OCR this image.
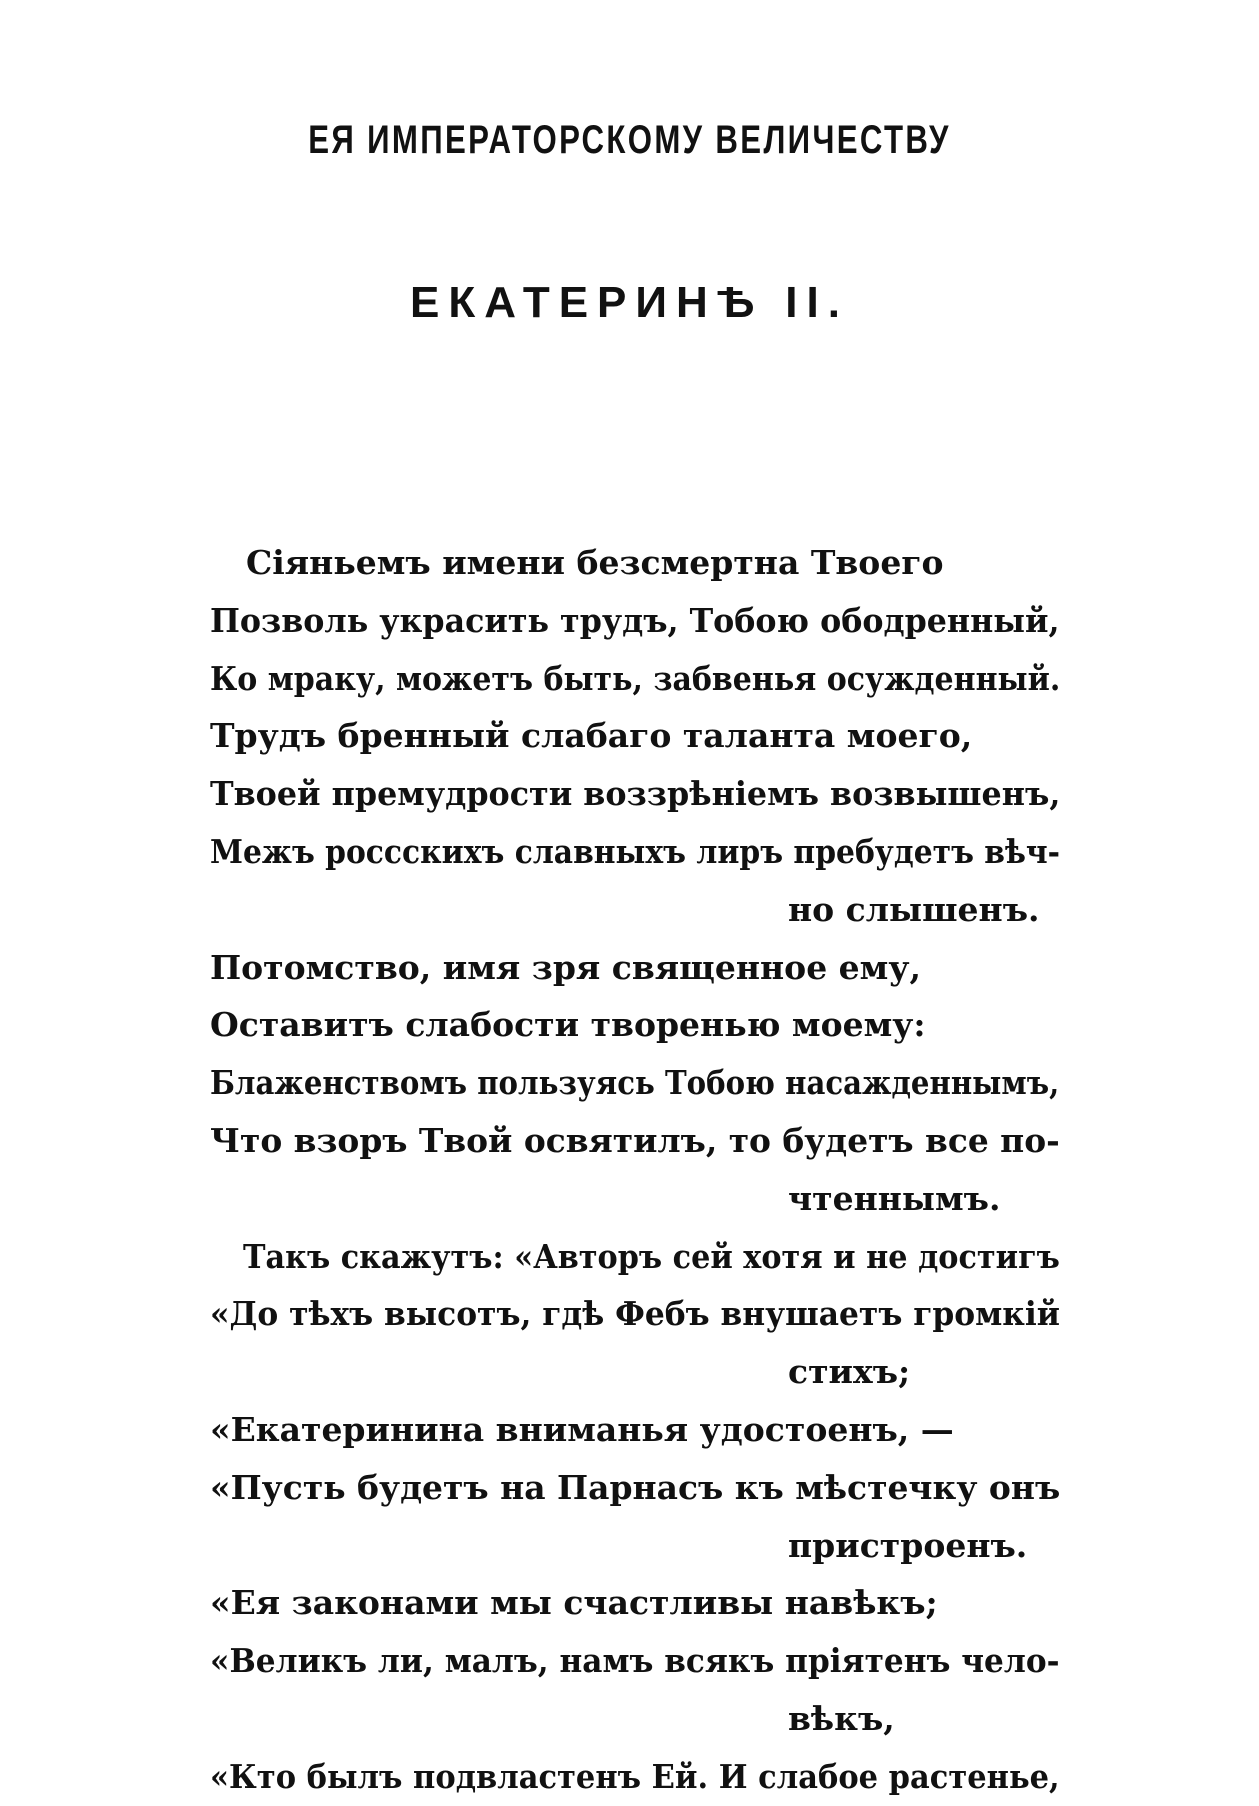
ЕЯ ИМПЕРАТОРСКОМУ ВЕЛИЧЕСТВУ
ЕКАТЕРИНѢ II.
Сіяньемъ имени безсмертна Твоего
Позволь украсить трудъ, Тобою ободренный,
Ко мраку, можетъ быть, забвенья осужденный.
Трудъ бренный слабаго таланта моего,
Твоей премудрости воззрѣніемъ возвышенъ,
Межъ россскихъ славныхъ лиръ пребудетъ вѣч-
но слышенъ.
Потомство, имя зря священное ему,
Оставитъ слабости творенью моему:
Блаженствомъ пользуясь Тобою насажденнымъ,
Что взоръ Твой освятилъ, то будетъ все по-
чтеннымъ.
Такъ скажутъ: «Авторъ сей хотя и не достигъ
«До тѣхъ высотъ, гдѣ Фебъ внушаетъ громкій
стихъ;
«Екатеринина вниманья удостоенъ, —
«Пусть будетъ на Парнасъ къ мѣстечку онъ
пристроенъ.
«Ея законами мы счастливы навѣкъ;
«Великъ ли, малъ, намъ всякъ пріятенъ чело-
вѣкъ,
«Кто былъ подвластенъ Ей. И слабое растенье,
